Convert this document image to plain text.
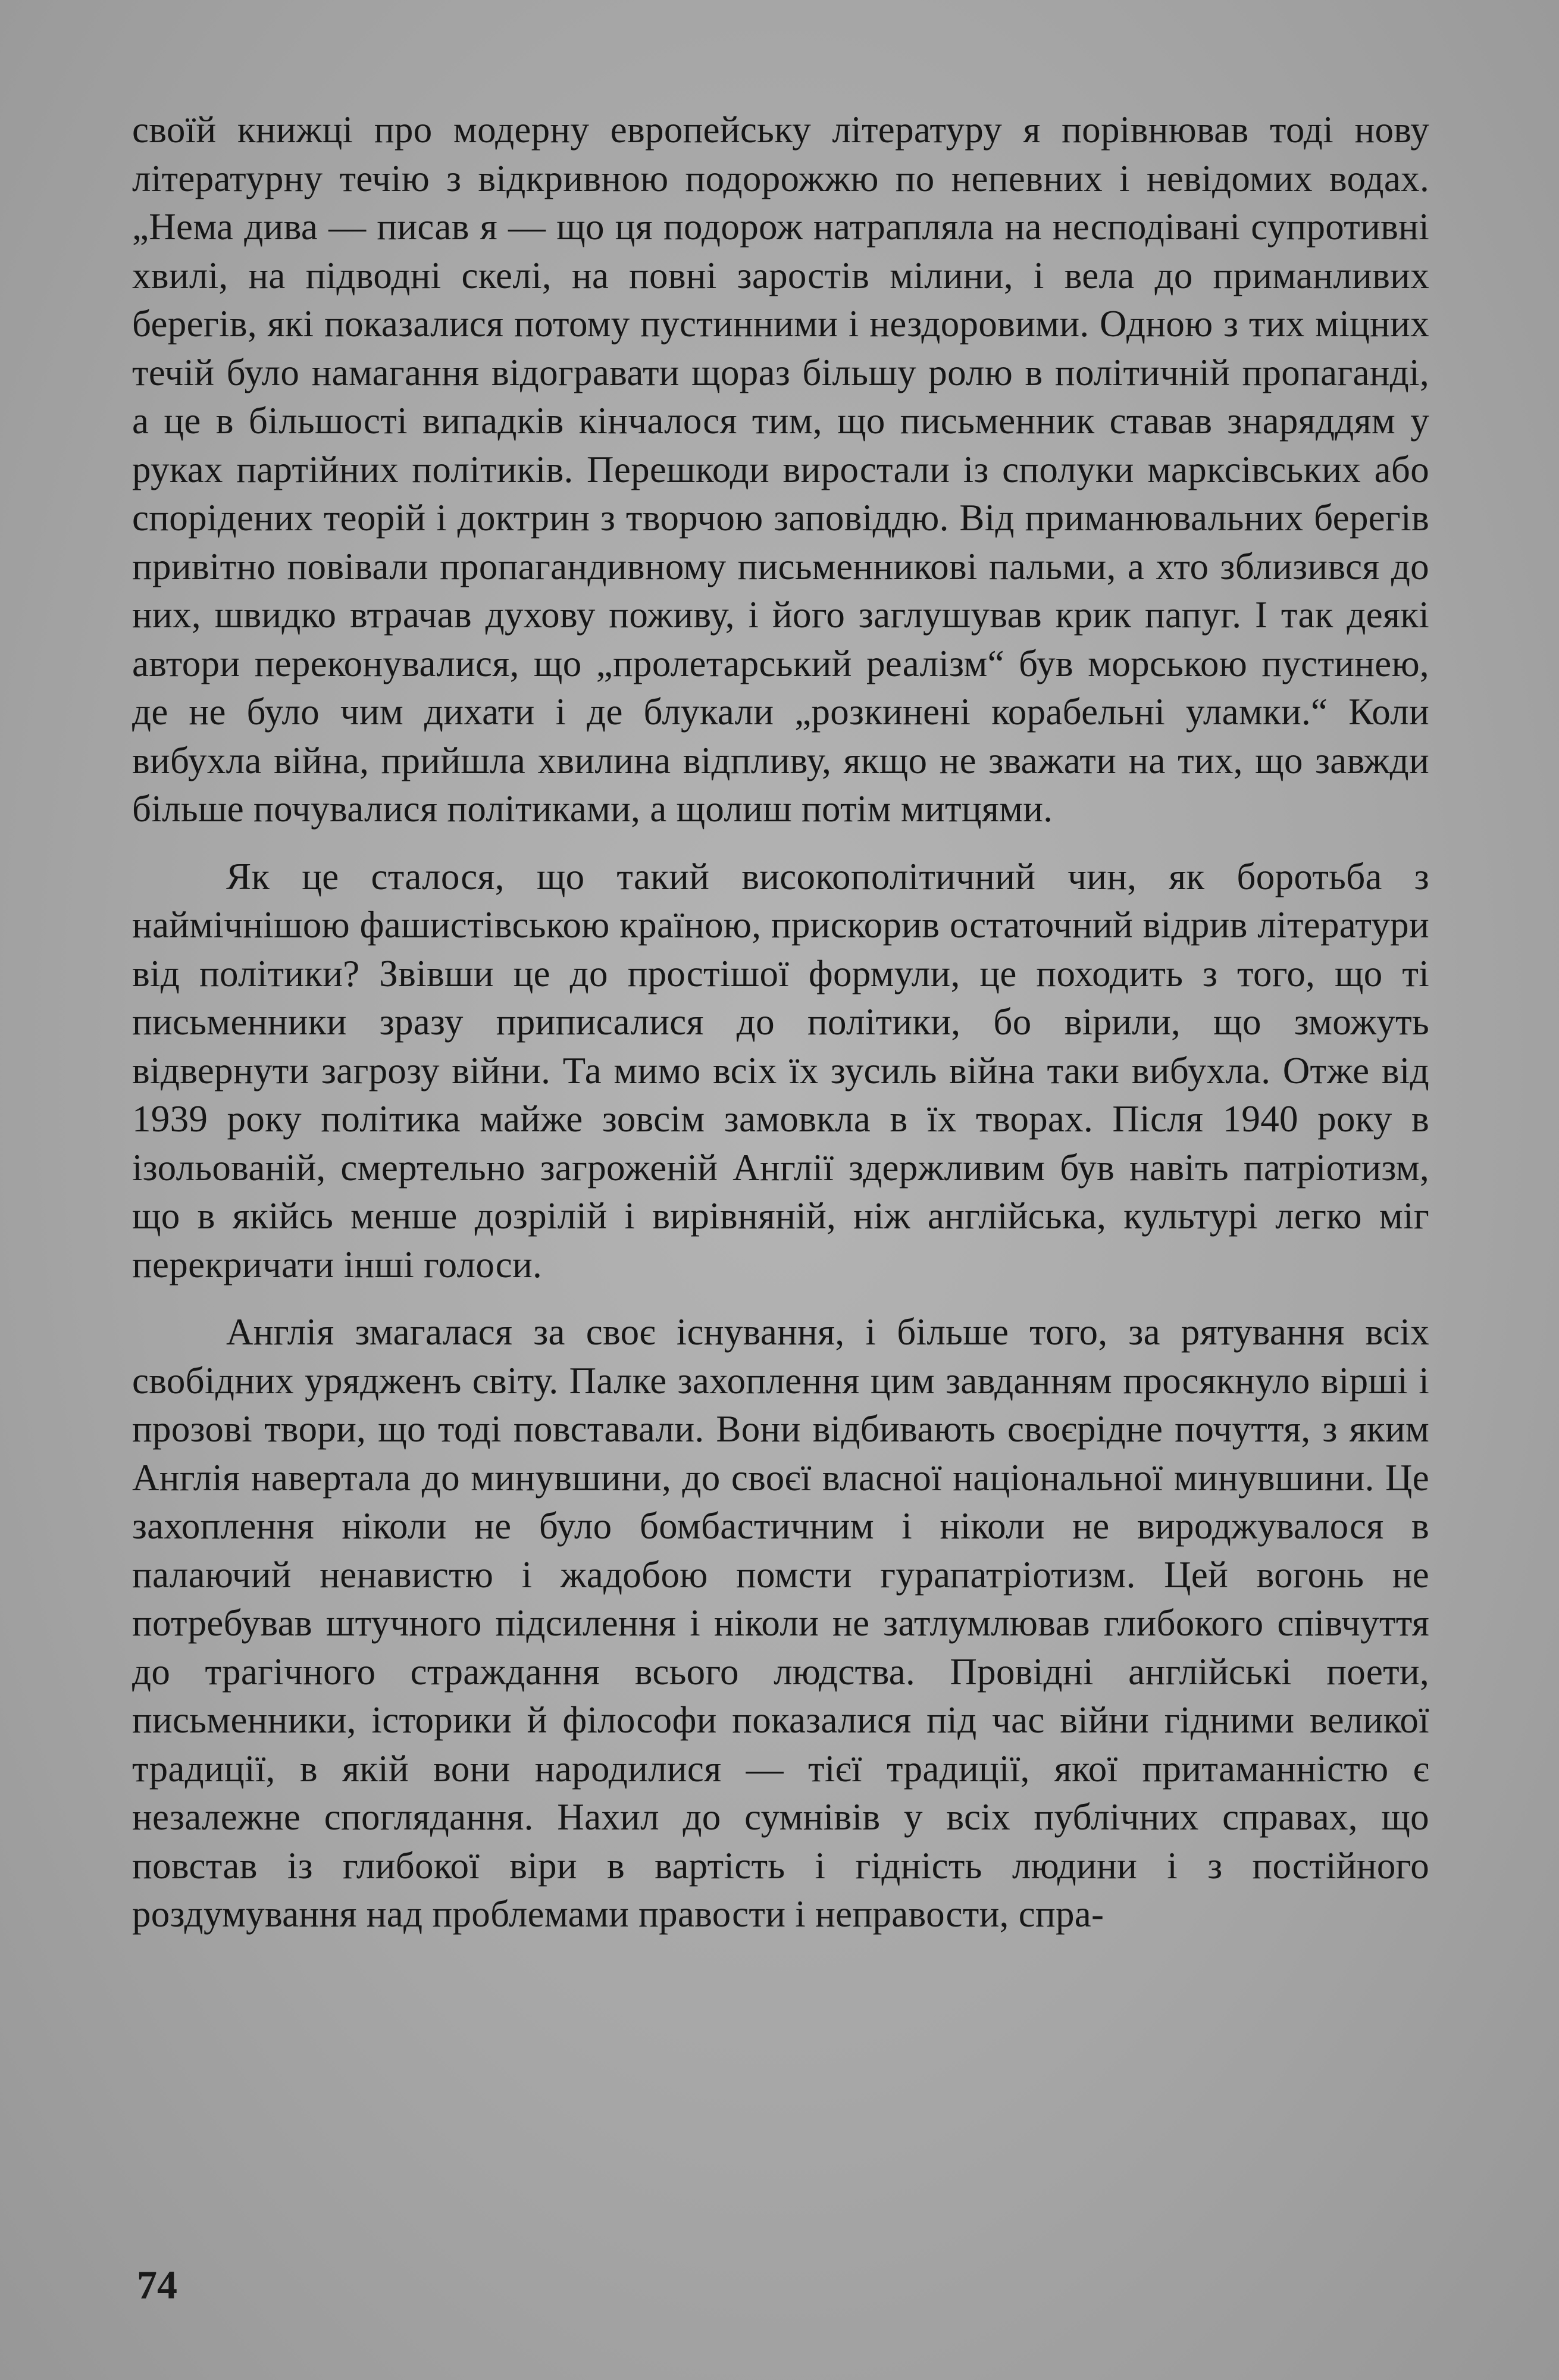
своїй книжці про модерну европейську літературу я порівнював тоді нову літературну течію з відкривною подорожжю по непевних і невідомих водах. „Нема дива — писав я — що ця подорож натрапляла на несподівані супротивні хвилі, на підводні скелі, на повні заростів мілини, і вела до приманливих берегів, які показалися потому пустинними і нездоровими. Одною з тих міцних течій було намагання відогравати щораз більшу ролю в політичній пропаганді, а це в більшості випадків кінчалося тим, що письменник ставав знаряддям у руках партійних політиків. Перешкоди виростали із сполуки марксівських або спорідених теорій і доктрин з творчою заповіддю. Від приманювальних берегів привітно повівали пропагандивному письменникові пальми, а хто зблизився до них, швидко втрачав духову поживу, і його заглушував крик папуг. І так деякі автори переконувалися, що „пролетарський реалізм“ був морською пустинею, де не було чим дихати і де блукали „розкинені корабельні уламки.“ Коли вибухла війна, прийшла хвилина відпливу, якщо не зважати на тих, що завжди більше почувалися політиками, а щолиш потім митцями.

Як це сталося, що такий високополітичний чин, як боротьба з наймічнішою фашистівською країною, прискорив остаточний відрив літератури від політики? Звівши це до простішої формули, це походить з того, що ті письменники зразу приписалися до політики, бо вірили, що зможуть відвернути загрозу війни. Та мимо всіх їх зусиль війна таки вибухла. Отже від 1939 року політика майже зовсім замовкла в їх творах. Після 1940 року в ізольованій, смертельно загроженій Англії здержливим був навіть патріотизм, що в якійсь менше дозрілій і вирівняній, ніж англійська, культурі легко міг перекричати інші голоси.

Англія змагалася за своє існування, і більше того, за рятування всіх свобідних урядженъ світу. Палке захоплення цим завданням просякнуло вірші і прозові твори, що тоді повставали. Вони відбивають своєрідне почуття, з яким Англія навертала до минувшини, до своєї власної національної минувшини. Це захоплення ніколи не було бомбастичним і ніколи не вироджувалося в палаючий ненавистю і жадобою помсти гурапатріотизм. Цей вогонь не потребував штучного підсилення і ніколи не затлумлював глибокого співчуття до трагічного страждання всього людства. Провідні англійські поети, письменники, історики й філософи показалися під час війни гідними великої традиції, в якій вони народилися — тієї традиції, якої притаманністю є незалежне споглядання. Нахил до сумнівів у всіх публічних справах, що повстав із глибокої віри в вартість і гідність людини і з постійного роздумування над проблемами правости і неправости, спра-

74
